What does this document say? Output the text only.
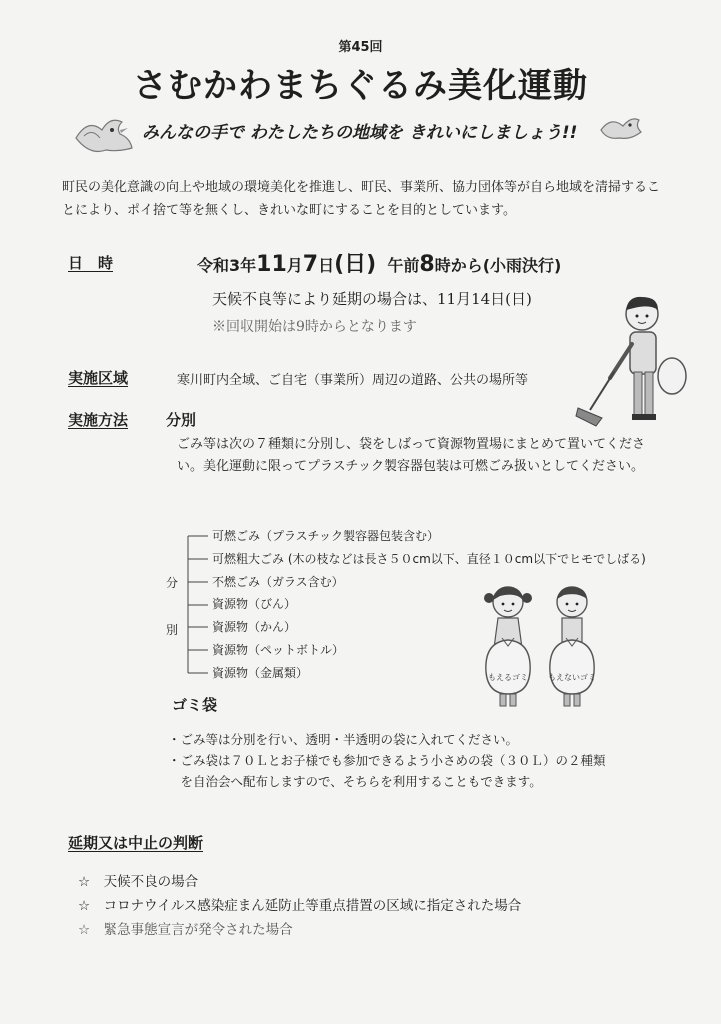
第45回
さむかわまちぐるみ美化運動
みんなの手で わたしたちの地域を きれいにしましょう!!
町民の美化意識の向上や地域の環境美化を推進し、町民、事業所、協力団体等が自ら地域を清掃することにより、ポイ捨て等を無くし、きれいな町にすることを目的としています。
日　時	令和3年11月7日(日) 午前8時から(小雨決行)
天候不良等により延期の場合は、11月14日(日)
※回収開始は9時からとなります
実施区域	寒川町内全域、ご自宅（事業所）周辺の道路、公共の場所等
実施方法	分別
ごみ等は次の７種類に分別し、袋をしばって資源物置場にまとめて置いてください。美化運動に限ってプラスチック製容器包装は可燃ごみ扱いとしてください。
分
別
可燃ごみ（プラスチック製容器包装含む）
可燃粗大ごみ (木の枝などは長さ５０cm以下、直径１０cm以下でヒモでしばる)
不燃ごみ（ガラス含む）
資源物（びん）
資源物（かん）
資源物（ペットボトル）
資源物（金属類）	もえるゴミ	もえないゴミ
ゴミ袋
・ごみ等は分別を行い、透明・半透明の袋に入れてください。
・ごみ袋は７０Ｌとお子様でも参加できるよう小さめの袋（３０Ｌ）の２種類
　を自治会へ配布しますので、そちらを利用することもできます。
延期又は中止の判断
☆　天候不良の場合
☆　コロナウイルス感染症まん延防止等重点措置の区域に指定された場合
☆　緊急事態宣言が発令された場合
